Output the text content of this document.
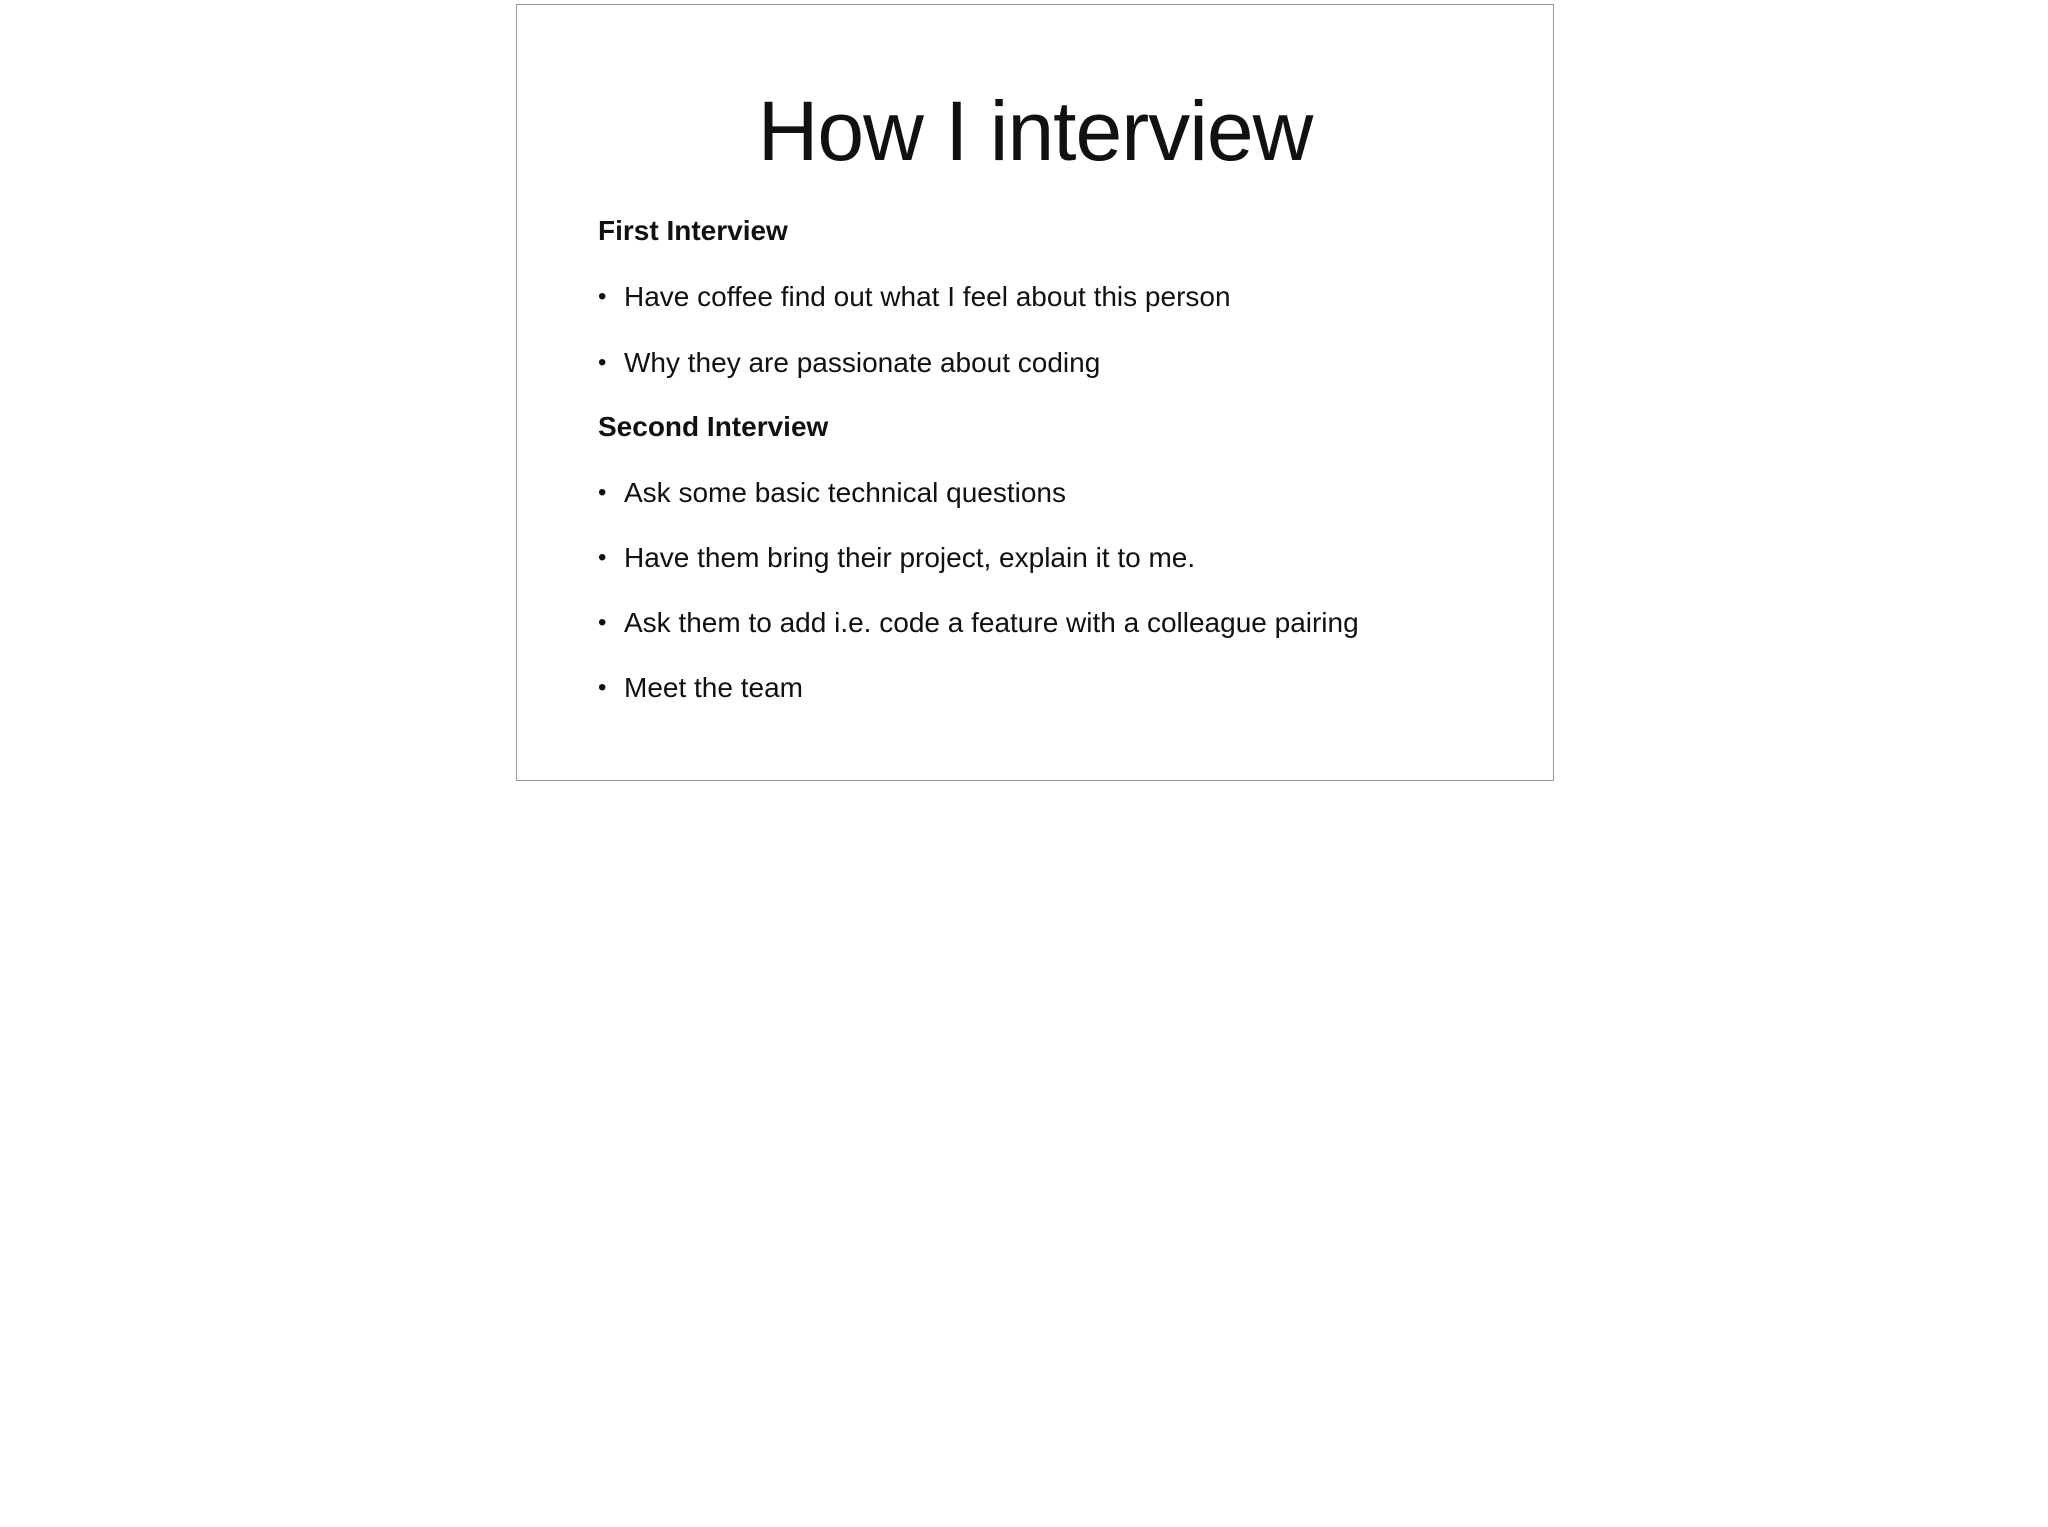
How I interview
First Interview
• Have coffee find out what I feel about this person
• Why they are passionate about coding
Second Interview
• Ask some basic technical questions
• Have them bring their project, explain it to me.
• Ask them to add i.e. code a feature with a colleague pairing
• Meet the team
